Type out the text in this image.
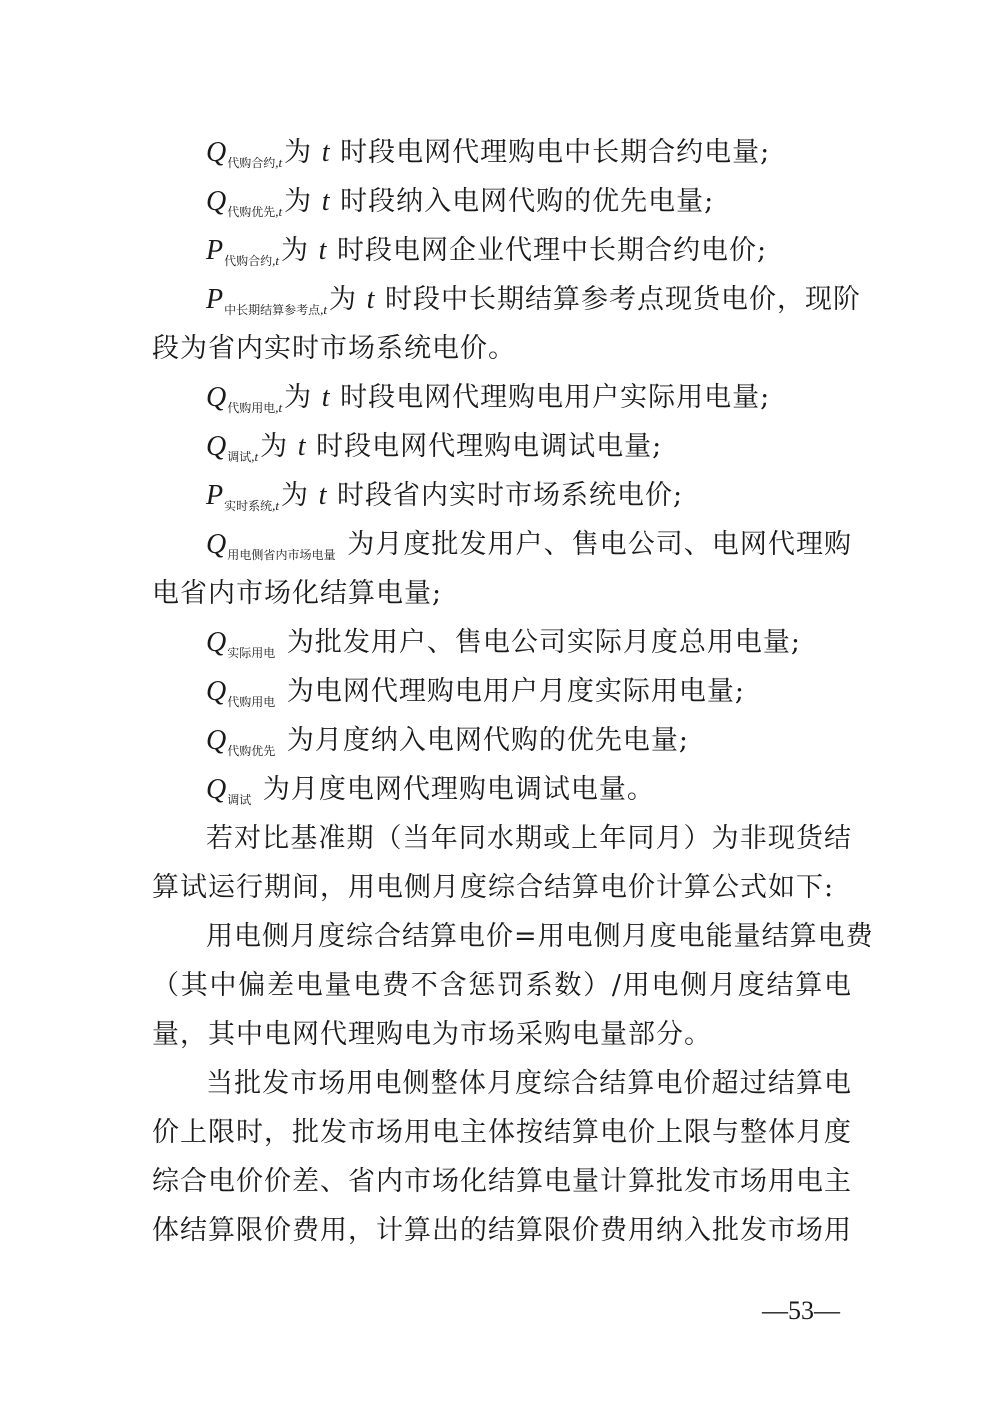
$Q_{代购合约,t}$为 t 时段电网代理购电中长期合约电量;
$Q_{代购优先,t}$为 t 时段纳入电网代购的优先电量;
$P_{代购合约,t}$为 t 时段电网企业代理中长期合约电价;
$P_{中长期结算参考点,t}$为 t 时段中长期结算参考点现货电价，现阶
段为省内实时市场系统电价。
$Q_{代购用电,t}$为 t 时段电网代理购电用户实际用电量;
$Q_{调试,t}$为 t 时段电网代理购电调试电量;
$P_{实时系统,t}$为 t 时段省内实时市场系统电价;
$Q_{用电侧省内市场电量}$ 为月度批发用户、售电公司、电网代理购
电省内市场化结算电量;
$Q_{实际用电}$ 为批发用户、售电公司实际月度总用电量;
$Q_{代购用电}$ 为电网代理购电用户月度实际用电量;
$Q_{代购优先}$ 为月度纳入电网代购的优先电量;
$Q_{调试}$ 为月度电网代理购电调试电量。
若对比基准期（当年同水期或上年同月）为非现货结
算试运行期间，用电侧月度综合结算电价计算公式如下:
用电侧月度综合结算电价=用电侧月度电能量结算电费
（其中偏差电量电费不含惩罚系数）/用电侧月度结算电
量，其中电网代理购电为市场采购电量部分。
当批发市场用电侧整体月度综合结算电价超过结算电
价上限时，批发市场用电主体按结算电价上限与整体月度
综合电价价差、省内市场化结算电量计算批发市场用电主
体结算限价费用，计算出的结算限价费用纳入批发市场用
—53—
